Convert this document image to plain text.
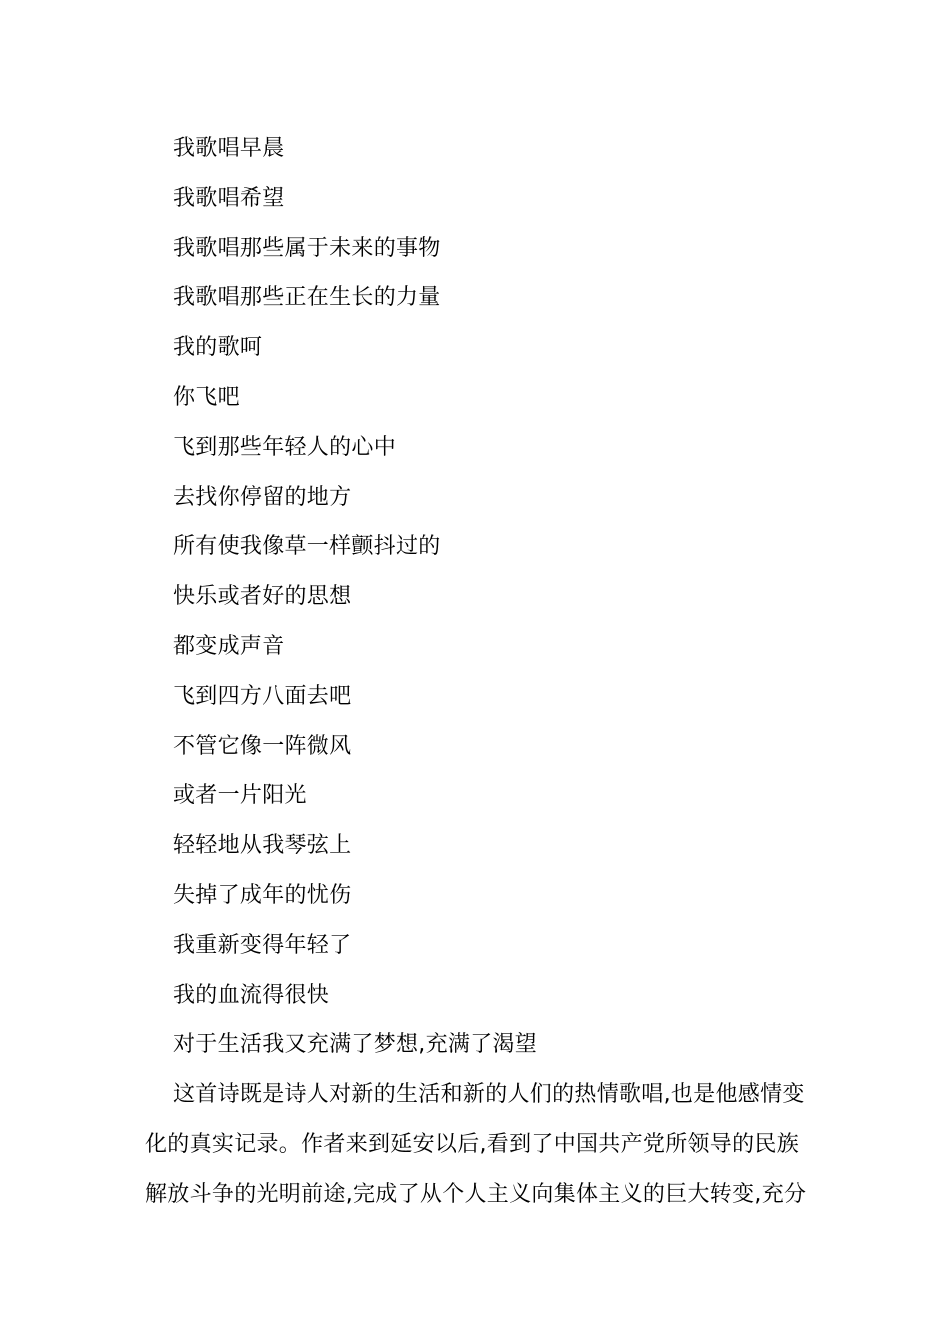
我歌唱早晨
我歌唱希望
我歌唱那些属于未来的事物
我歌唱那些正在生长的力量
我的歌呵
你飞吧
飞到那些年轻人的心中
去找你停留的地方
所有使我像草一样颤抖过的
快乐或者好的思想
都变成声音
飞到四方八面去吧
不管它像一阵微风
或者一片阳光
轻轻地从我琴弦上
失掉了成年的忧伤
我重新变得年轻了
我的血流得很快
对于生活我又充满了梦想,充满了渴望
这首诗既是诗人对新的生活和新的人们的热情歌唱,也是他感情变
化的真实记录。作者来到延安以后,看到了中国共产党所领导的民族
解放斗争的光明前途,完成了从个人主义向集体主义的巨大转变,充分
